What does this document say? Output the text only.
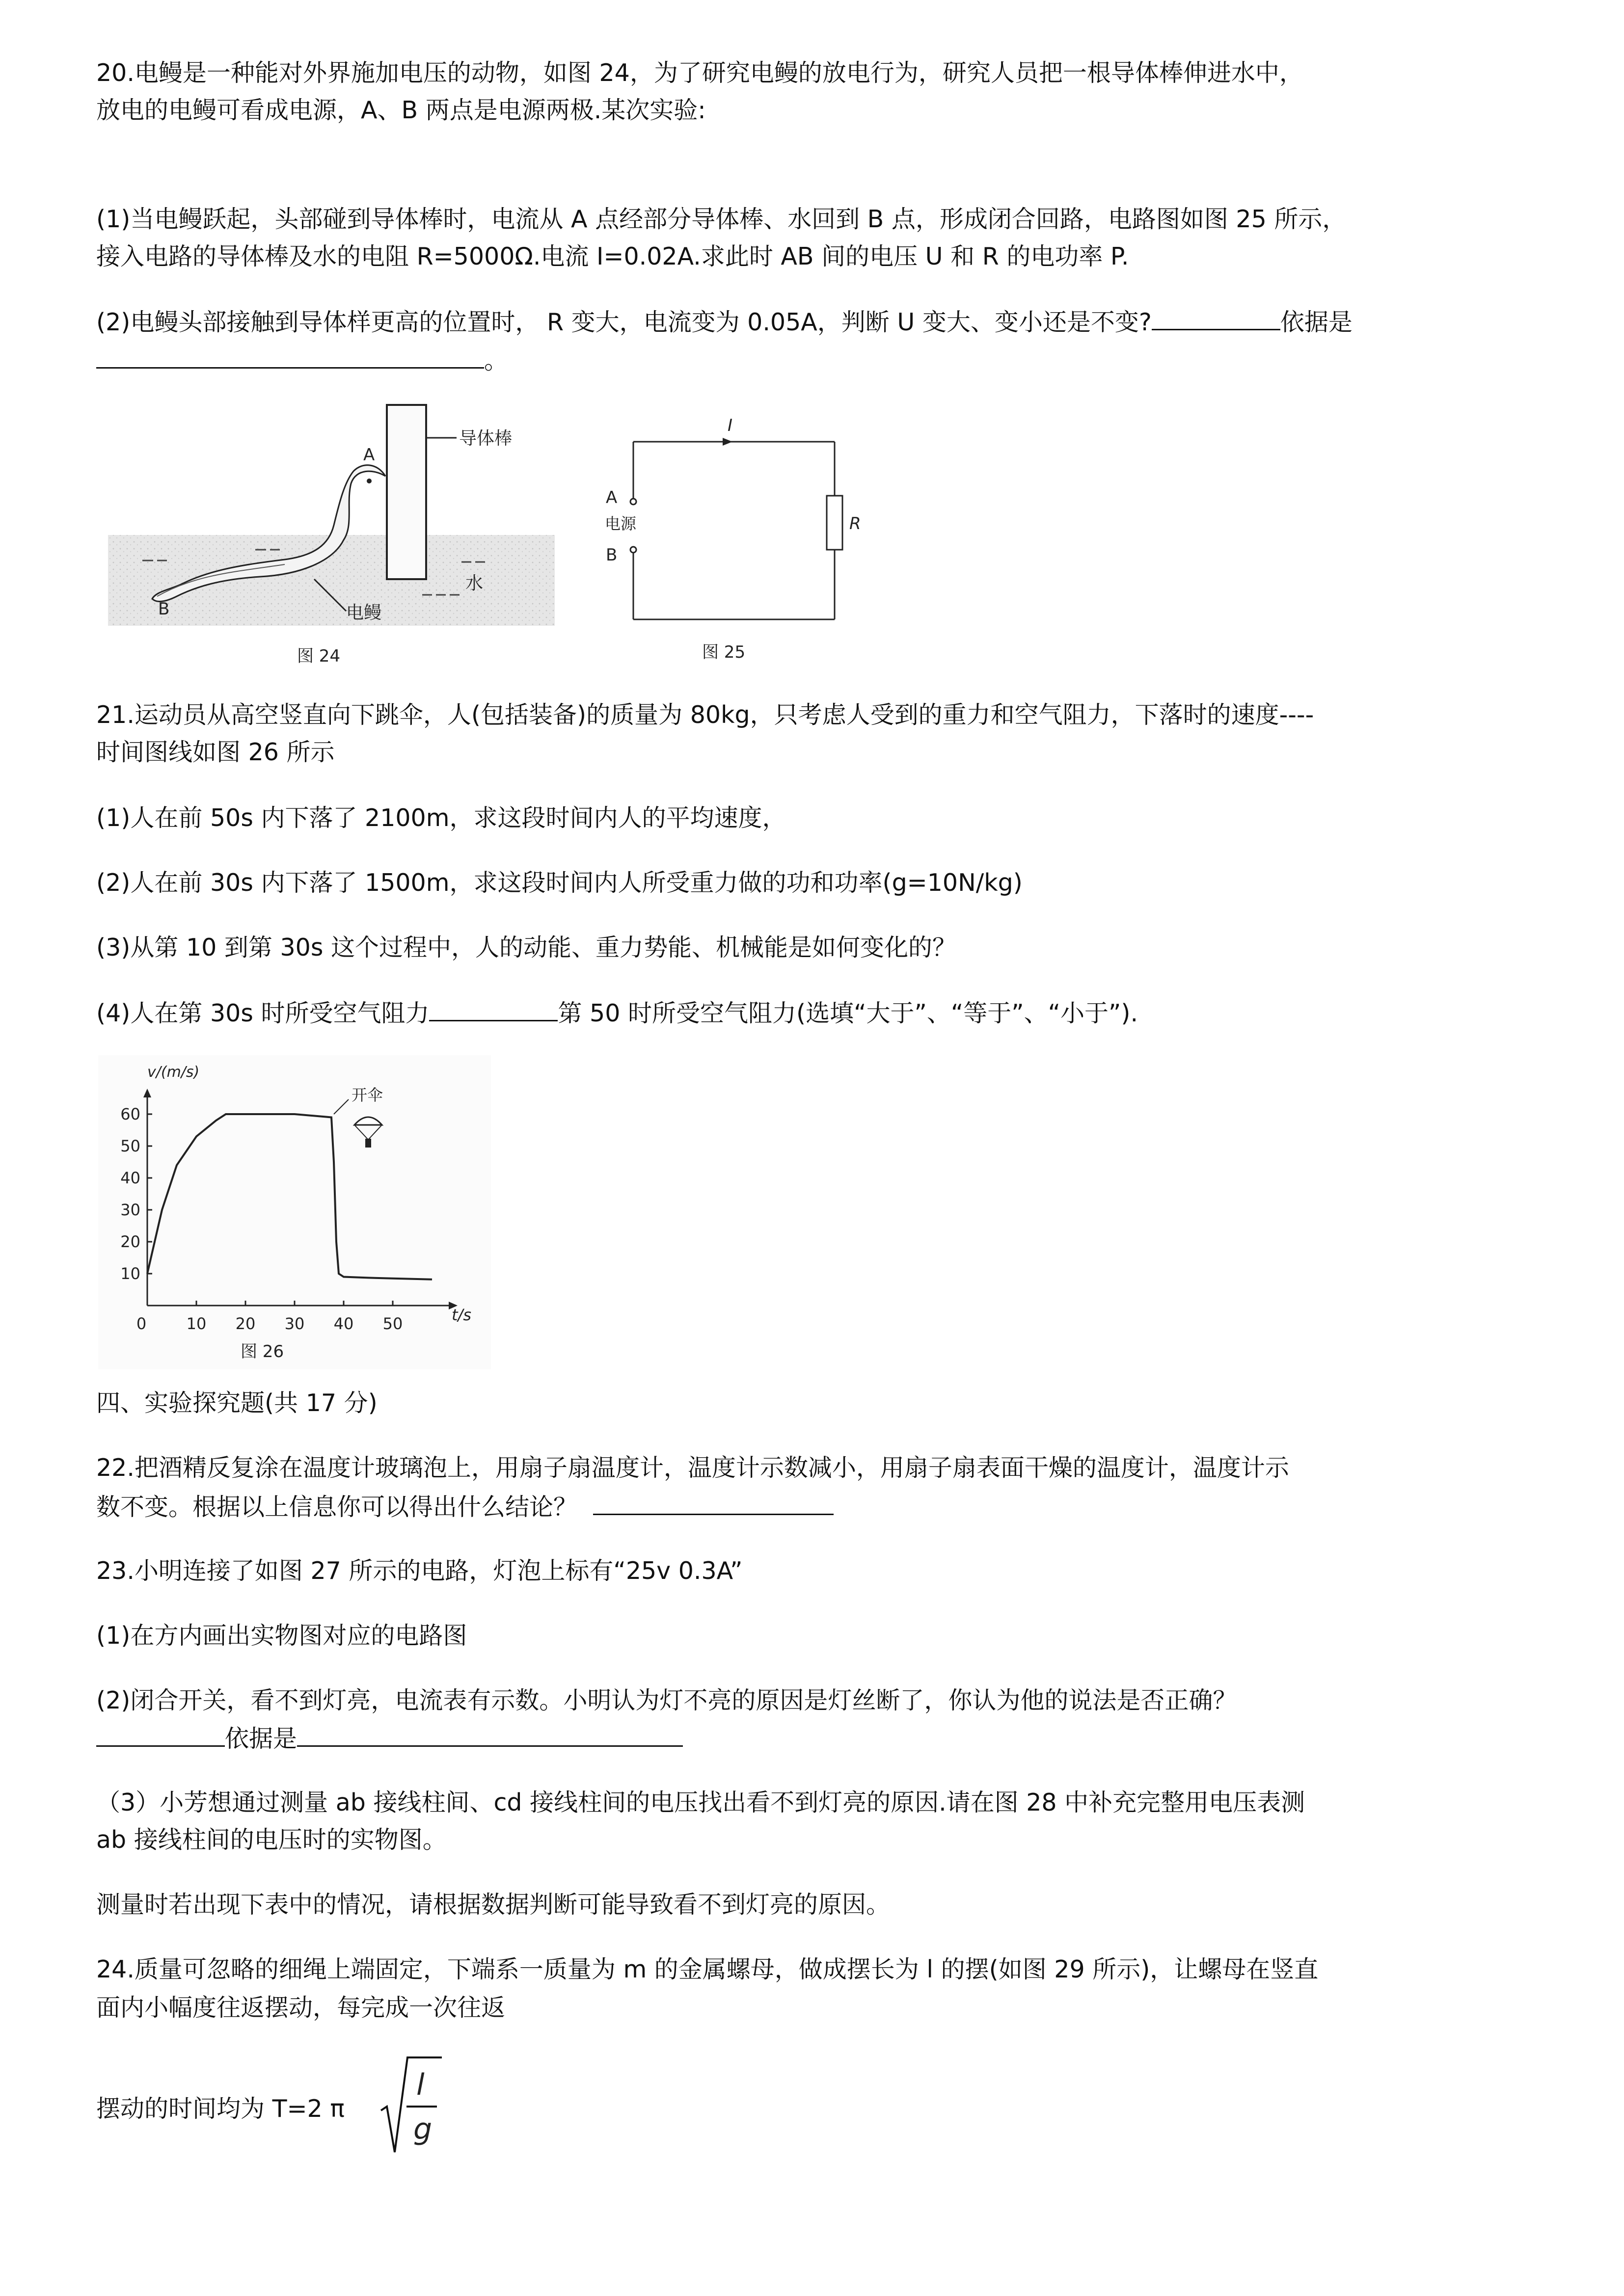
20.电鳗是一种能对外界施加电压的动物，如图 24，为了研究电鳗的放电行为，研究人员把一根导体棒伸进水中，
放电的电鳗可看成电源，A、B 两点是电源两极.某次实验:
(1)当电鳗跃起，头部碰到导体棒时，电流从 A 点经部分导体棒、水回到 B 点，形成闭合回路，电路图如图 25 所示，
接入电路的导体棒及水的电阻 R=5000Ω.电流 I=0.02A.求此时 AB 间的电压 U 和 R 的电功率 P.
(2)电鳗头部接触到导体样更高的位置时， R 变大，电流变为 0.05A，判断 U 变大、变小还是不变?	依据是
。
导体棒
A
B
水
电鳗
图 24
I
A
电源
B
R
图 25
21.运动员从高空竖直向下跳伞，人(包括装备)的质量为 80kg，只考虑人受到的重力和空气阻力，下落时的速度----
时间图线如图 26 所示
(1)人在前 50s 内下落了 2100m，求这段时间内人的平均速度，
(2)人在前 30s 内下落了 1500m，求这段时间内人所受重力做的功和功率(g=10N/kg)
(3)从第 10 到第 30s 这个过程中，人的动能、重力势能、机械能是如何变化的？
(4)人在第 30s 时所受空气阻力	第 50 时所受空气阻力(选填“大于”、“等于”、“小于”).
0	10 20 30 40 50
10
20
30
40
50
60
开伞
v/(m/s)
t/s
图 26
四、实验探究题(共 17 分)
22.把酒精反复涂在温度计玻璃泡上，用扇子扇温度计，温度计示数减小，用扇子扇表面干燥的温度计，温度计示
数不变。根据以上信息你可以得出什么结论？
23.小明连接了如图 27 所示的电路，灯泡上标有“25v 0.3A”
(1)在方内画出实物图对应的电路图
(2)闭合开关，看不到灯亮，电流表有示数。小明认为灯不亮的原因是灯丝断了，你认为他的说法是否正确？
依据是
（3）小芳想通过测量 ab 接线柱间、cd 接线柱间的电压找出看不到灯亮的原因.请在图 28 中补充完整用电压表测
ab 接线柱间的电压时的实物图。
测量时若出现下表中的情况，请根据数据判断可能导致看不到灯亮的原因。
24.质量可忽略的细绳上端固定，下端系一质量为 m 的金属螺母，做成摆长为 l 的摆(如图 29 所示)，让螺母在竖直
面内小幅度往返摆动，每完成一次往返
摆动的时间均为 T=2 π
l
g
